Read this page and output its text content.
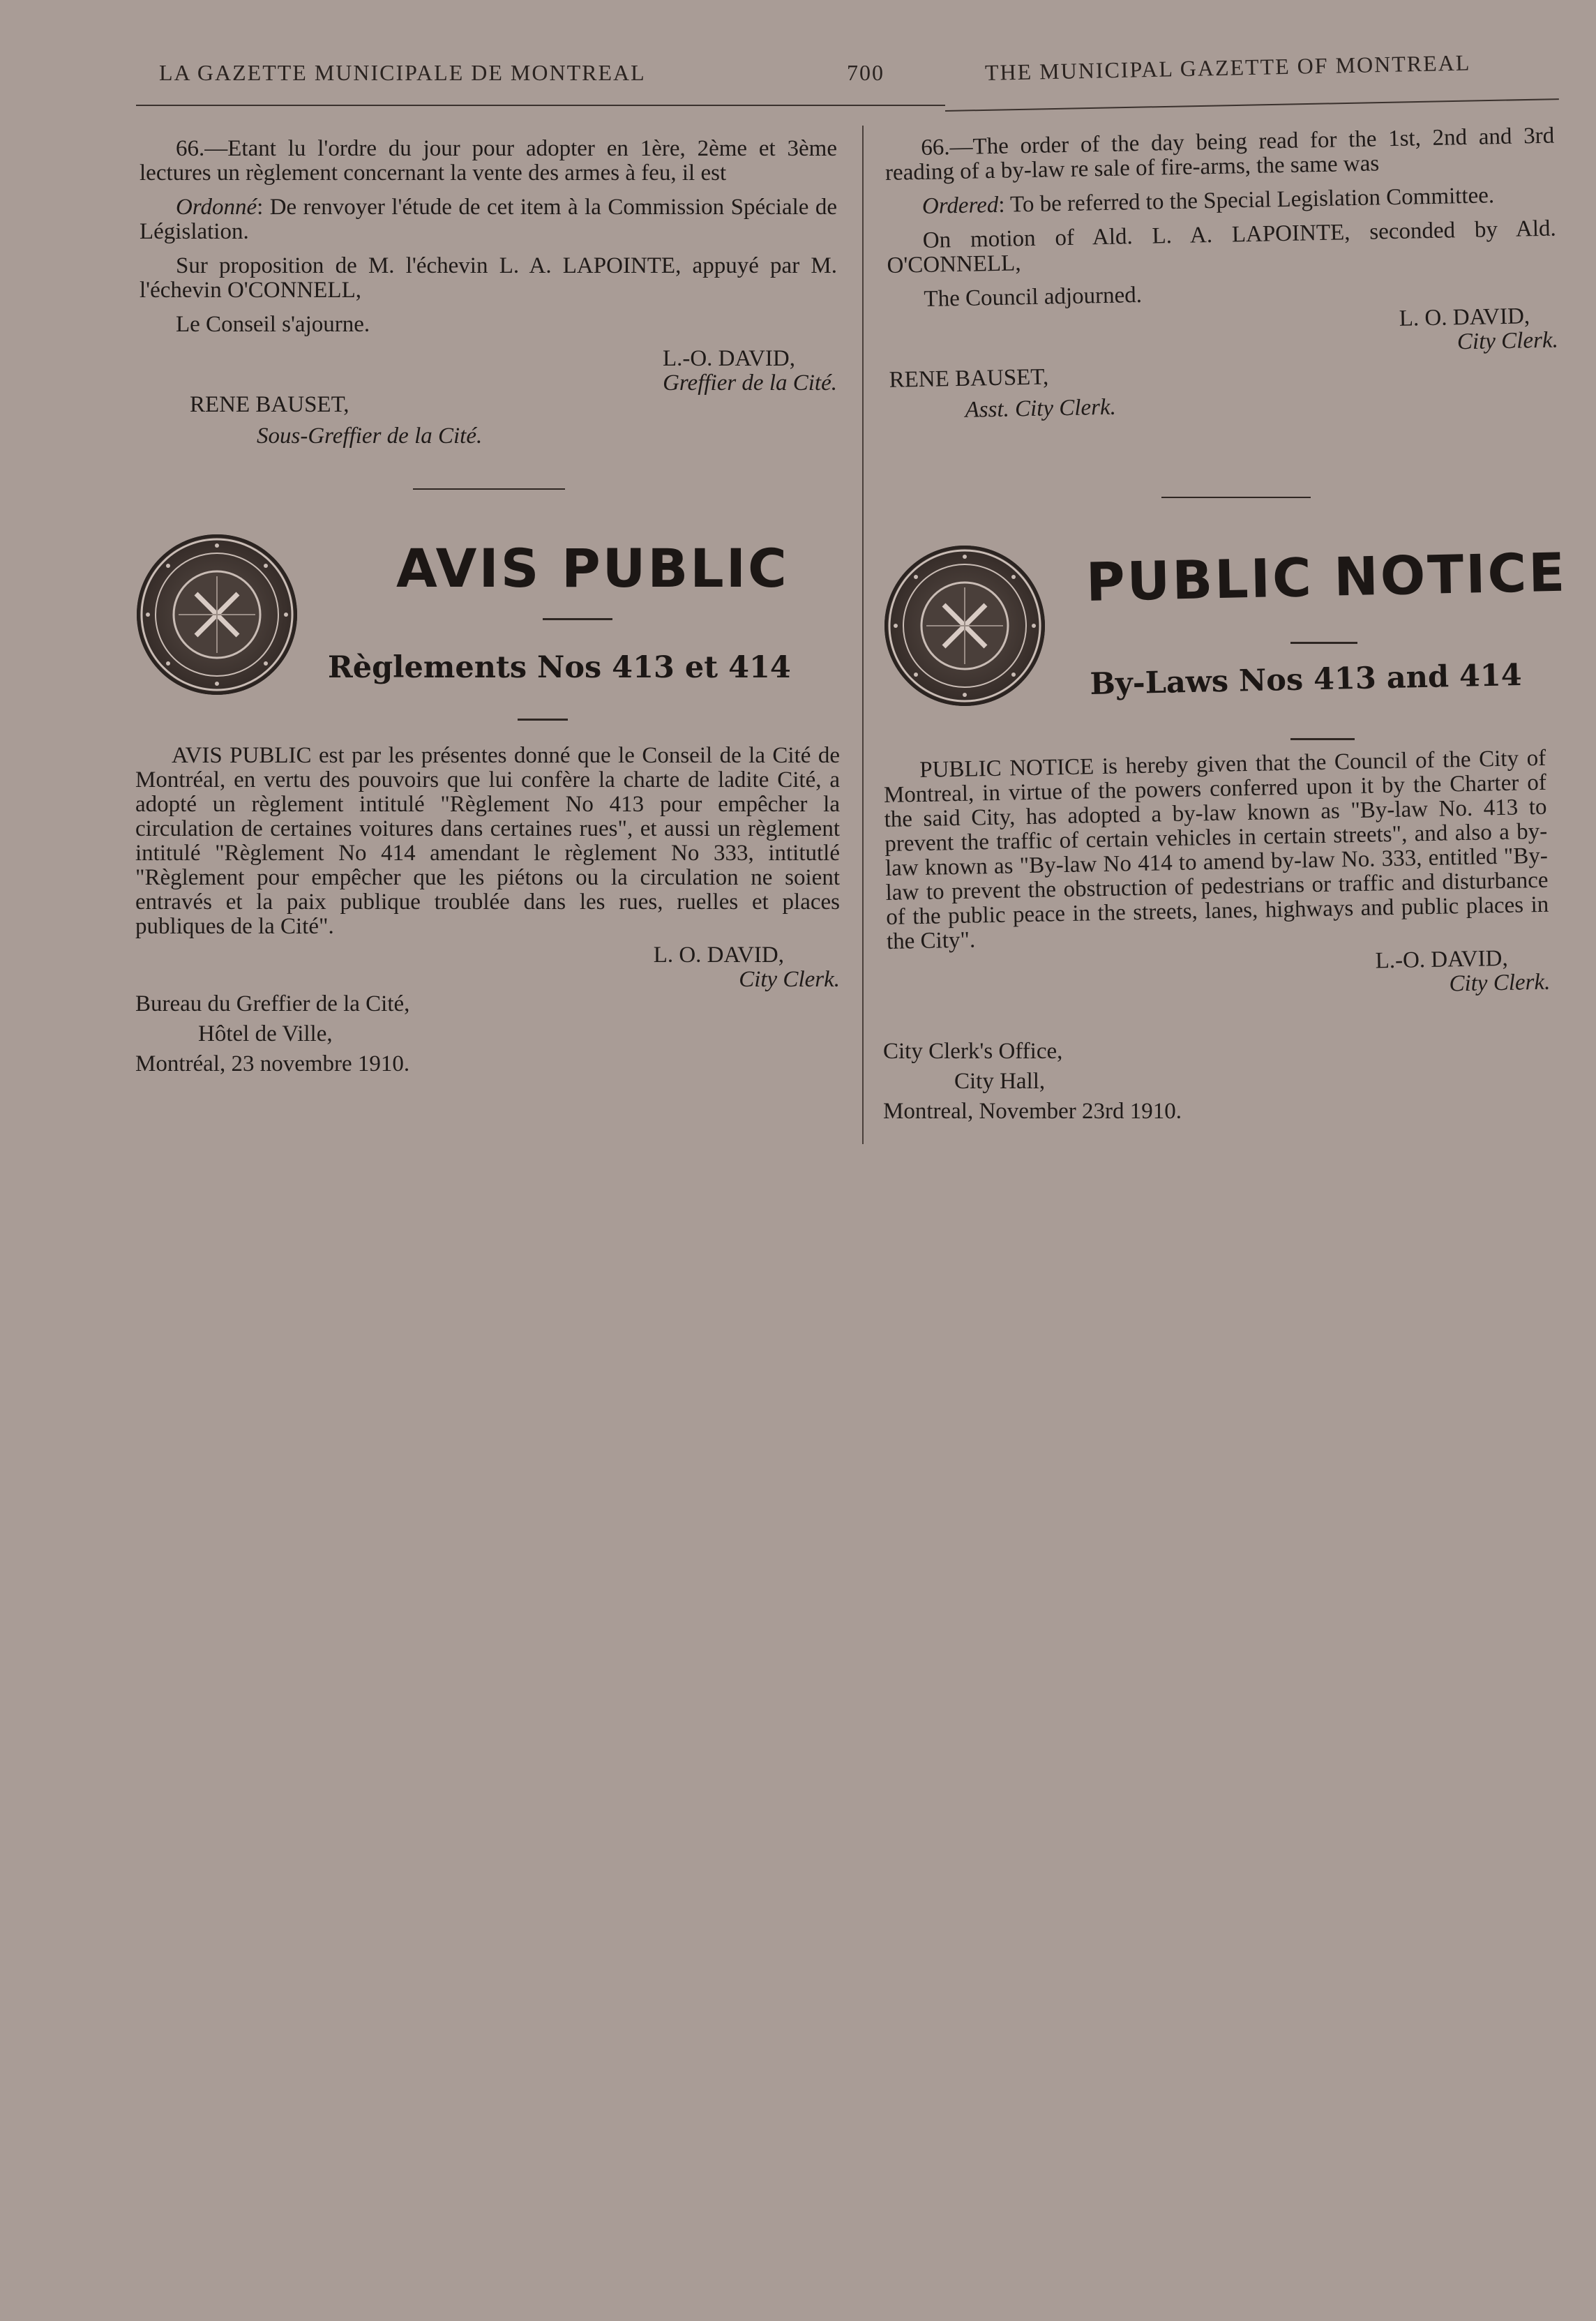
LA GAZETTE MUNICIPALE DE MONTREAL	700	THE MUNICIPAL GAZETTE OF MONTREAL

66.—Etant lu l'ordre du jour pour adopter en 1ère, 2ème et 3ème lectures un règlement concernant la vente des armes à feu, il est

Ordonné: De renvoyer l'étude de cet item à la Commission Spéciale de Législation.

Sur proposition de M. l'échevin L. A. LAPOINTE, appuyé par M. l'échevin O'CONNELL,

Le Conseil s'ajourne.

L.-O. DAVID,

Greffier de la Cité.

RENE BAUSET,

Sous-Greffier de la Cité.

66.—The order of the day being read for the 1st, 2nd and 3rd reading of a by-law re sale of fire-arms, the same was

Ordered: To be referred to the Special Legislation Committee.

On motion of Ald. L. A. LAPOINTE, seconded by Ald. O'CONNELL,

The Council adjourned.

L. O. DAVID,

City Clerk.

RENE BAUSET,

Asst. City Clerk.

AVIS PUBLIC
Règlements Nos 413 et 414

AVIS PUBLIC est par les présentes donné que le Conseil de la Cité de Montréal, en vertu des pouvoirs que lui confère la charte de ladite Cité, a adopté un règlement intitulé "Règlement No 413 pour empêcher la circulation de certaines voitures dans certaines rues", et aussi un règlement intitulé "Règlement No 414 amendant le règlement No 333, intitutlé "Règlement pour empêcher que les piétons ou la circulation ne soient entravés et la paix publique troublée dans les rues, ruelles et places publiques de la Cité".

L. O. DAVID,

City Clerk.

Bureau du Greffier de la Cité,

Hôtel de Ville,

Montréal, 23 novembre 1910.

PUBLIC NOTICE
By-Laws Nos 413 and 414

PUBLIC NOTICE is hereby given that the Council of the City of Montreal, in virtue of the powers conferred upon it by the Charter of the said City, has adopted a by-law known as "By-law No. 413 to prevent the traffic of certain vehicles in certain streets", and also a by-law known as "By-law No 414 to amend by-law No. 333, entitled "By-law to prevent the obstruction of pedestrians or traffic and disturbance of the public peace in the streets, lanes, highways and public places in the City".

L.-O. DAVID,

City Clerk.

City Clerk's Office,

City Hall,

Montreal, November 23rd 1910.
